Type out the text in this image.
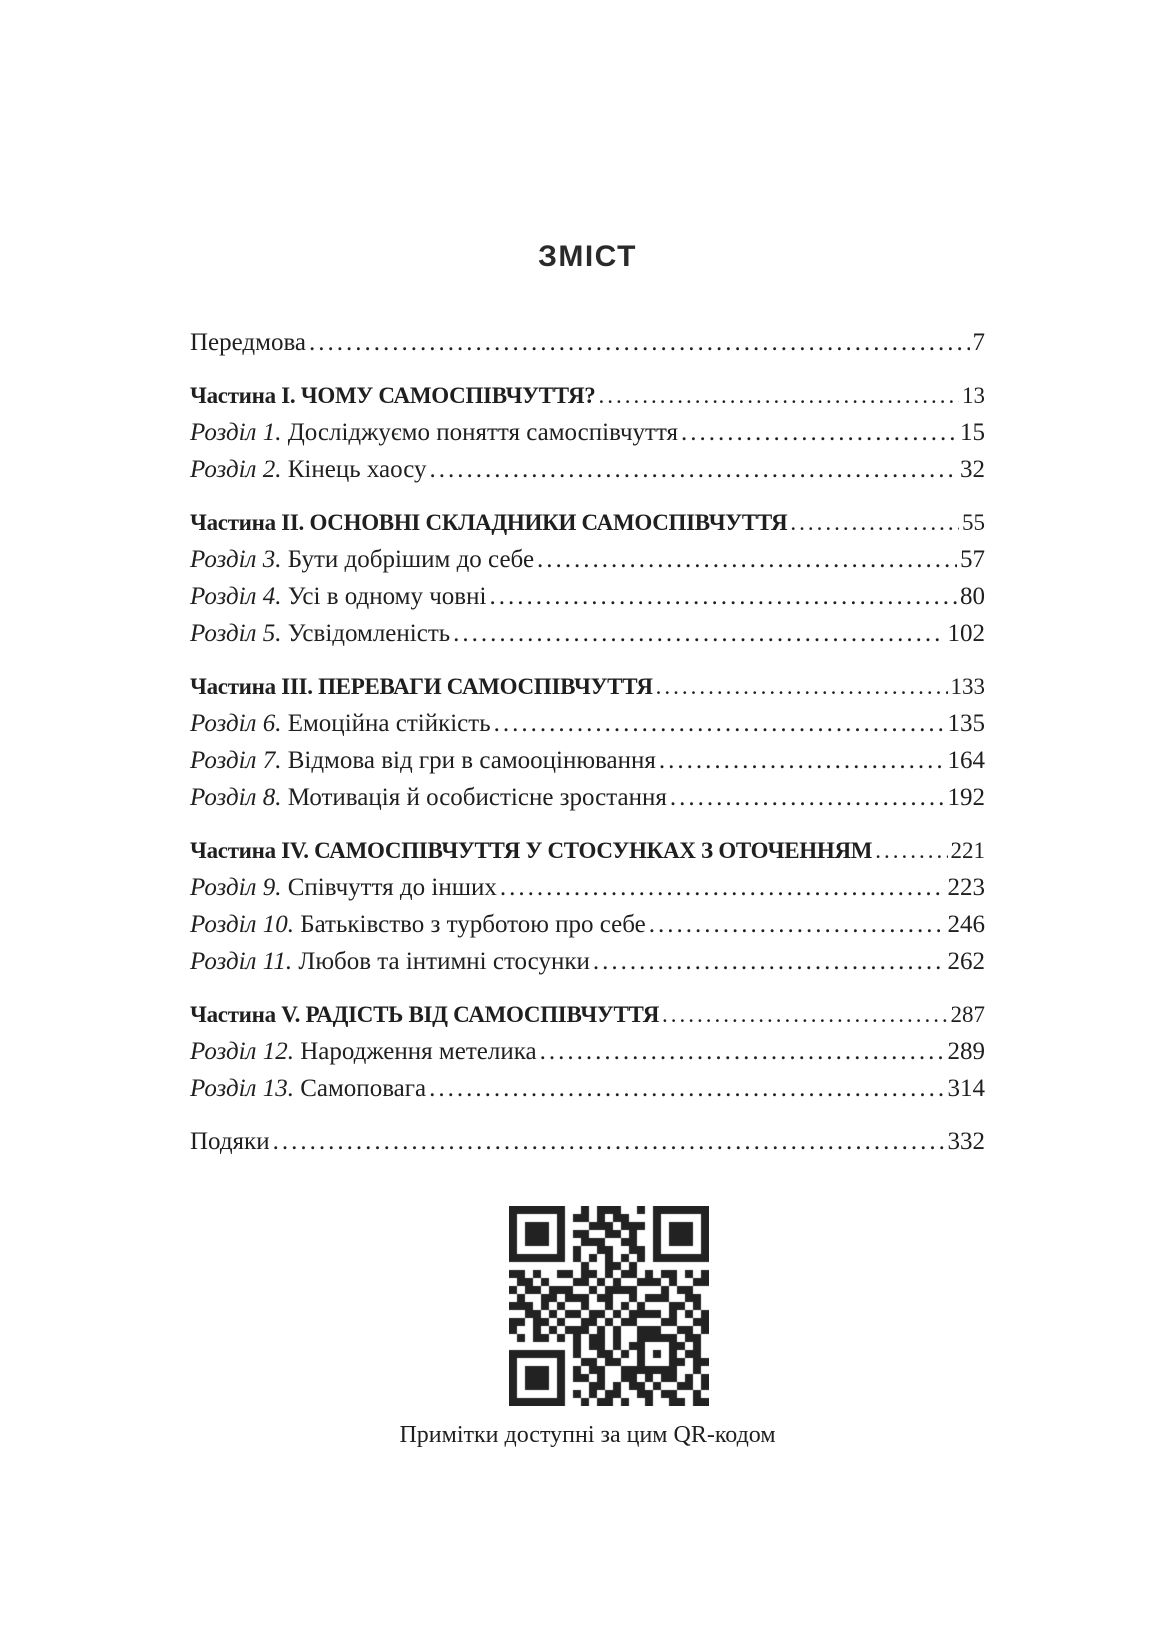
ЗМІСТ
Передмова .....	7
Частина І. ЧОМУ САМОСПІВЧУТТЯ? .....	13
Розділ 1. Досліджуємо поняття самоспівчуття .....	15
Розділ 2. Кінець хаосу .....	32
Частина ІІ. ОСНОВНІ СКЛАДНИКИ САМОСПІВЧУТТЯ .....	55
Розділ 3. Бути добрішим до себе .....	57
Розділ 4. Усі в одному човні .....	80
Розділ 5. Усвідомленість .....	102
Частина ІІІ. ПЕРЕВАГИ САМОСПІВЧУТТЯ .....	133
Розділ 6. Емоційна стійкість .....	135
Розділ 7. Відмова від гри в самооцінювання .....	164
Розділ 8. Мотивація й особистісне зростання .....	192
Частина ІV. САМОСПІВЧУТТЯ У СТОСУНКАХ З ОТОЧЕННЯМ .....	221
Розділ 9. Співчуття до інших .....	223
Розділ 10. Батьківство з турботою про себе .....	246
Розділ 11. Любов та інтимні стосунки .....	262
Частина V. РАДІСТЬ ВІД САМОСПІВЧУТТЯ .....	287
Розділ 12. Народження метелика .....	289
Розділ 13. Самоповага .....	314
Подяки .....	332
Примітки доступні за цим QR-кодом
